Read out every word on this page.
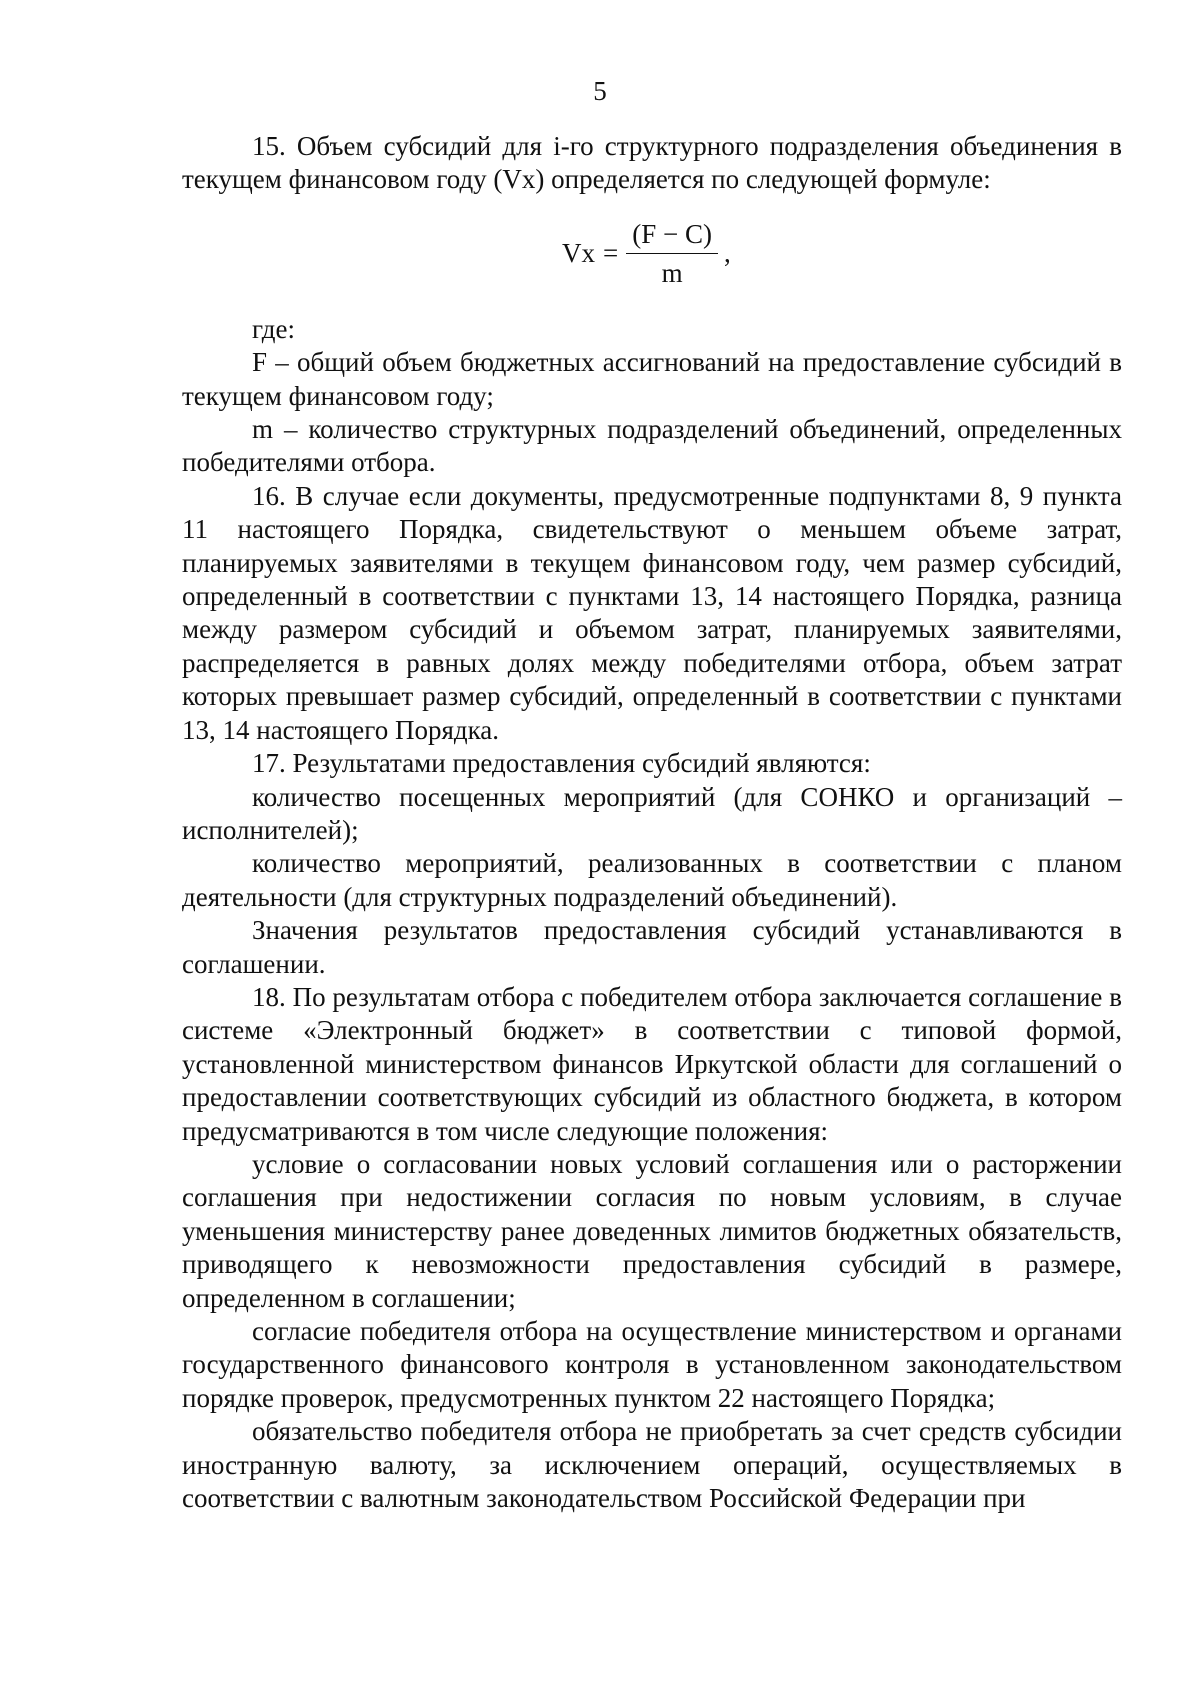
5

15. Объем субсидий для i-го структурного подразделения объединения в текущем финансовом году (Vх) определяется по следующей формуле:

Vх = $\frac{(F - C)}{m}$ ,

где:

F – общий объем бюджетных ассигнований на предоставление субсидий в текущем финансовом году;

m – количество структурных подразделений объединений, определенных победителями отбора.

16. В случае если документы, предусмотренные подпунктами 8, 9 пункта 11 настоящего Порядка, свидетельствуют о меньшем объеме затрат, планируемых заявителями в текущем финансовом году, чем размер субсидий, определенный в соответствии с пунктами 13, 14 настоящего Порядка, разница между размером субсидий и объемом затрат, планируемых заявителями, распределяется в равных долях между победителями отбора, объем затрат которых превышает размер субсидий, определенный в соответствии с пунктами 13, 14 настоящего Порядка.

17. Результатами предоставления субсидий являются:

количество посещенных мероприятий (для СОНКО и организаций – исполнителей);

количество мероприятий, реализованных в соответствии с планом деятельности (для структурных подразделений объединений).

Значения результатов предоставления субсидий устанавливаются в соглашении.

18. По результатам отбора с победителем отбора заключается соглашение в системе «Электронный бюджет» в соответствии с типовой формой, установленной министерством финансов Иркутской области для соглашений о предоставлении соответствующих субсидий из областного бюджета, в котором предусматриваются в том числе следующие положения:

условие о согласовании новых условий соглашения или о расторжении соглашения при недостижении согласия по новым условиям, в случае уменьшения министерству ранее доведенных лимитов бюджетных обязательств, приводящего к невозможности предоставления субсидий в размере, определенном в соглашении;

согласие победителя отбора на осуществление министерством и органами государственного финансового контроля в установленном законодательством порядке проверок, предусмотренных пунктом 22 настоящего Порядка;

обязательство победителя отбора не приобретать за счет средств субсидии иностранную валюту, за исключением операций, осуществляемых в соответствии с валютным законодательством Российской Федерации при
